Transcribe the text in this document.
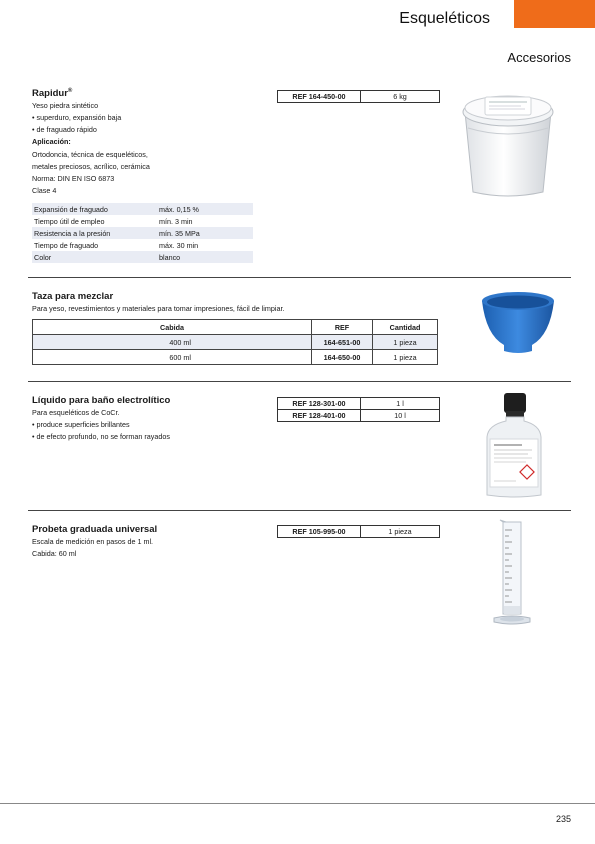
Esqueléticos
Accesorios
Rapidur®
Yeso piedra sintético
• superduro, expansión baja
• de fraguado rápido
Aplicación:
Ortodoncia, técnica de esqueléticos,
metales preciosos, acrílico, cerámica
Norma: DIN EN ISO 6873
Clase 4
Expansión de fraguado	máx. 0,15 %
Tiempo útil de empleo	mín. 3 min
Resistencia a la presión	mín. 35 MPa
Tiempo de fraguado	máx. 30 min
Color	blanco
REF 164-450-00	6 kg
Taza para mezclar
Para yeso, revestimientos y materiales para tomar impresiones, fácil de limpiar.
Cabida	REF	Cantidad
400 ml	164-651-00	1 pieza
600 ml	164-650-00	1 pieza
Líquido para baño electrolítico
Para esqueléticos de CoCr.
• produce superficies brillantes
• de efecto profundo, no se forman rayados
REF 128-301-00	1 l
REF 128-401-00	10 l
Probeta graduada universal
Escala de medición en pasos de 1 ml.
Cabida: 60 ml
REF 105-995-00	1 pieza
235
